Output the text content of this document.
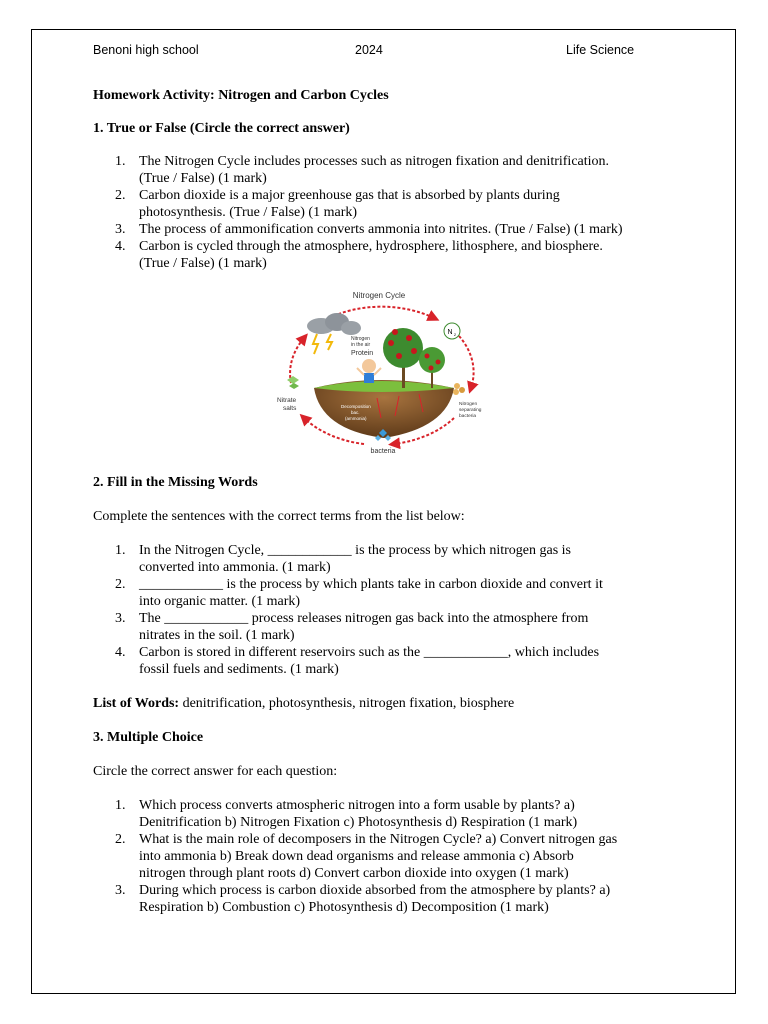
Benoni high school	2024	Life Science

Homework Activity: Nitrogen and Carbon Cycles

1. True or False (Circle the correct answer)

1. The Nitrogen Cycle includes processes such as nitrogen fixation and denitrification.
(True / False) (1 mark)
2. Carbon dioxide is a major greenhouse gas that is absorbed by plants during
photosynthesis. (True / False) (1 mark)
3. The process of ammonification converts ammonia into nitrites. (True / False) (1 mark)
4. Carbon is cycled through the atmosphere, hydrosphere, lithosphere, and biosphere.
(True / False) (1 mark)
Nitrogen Cycle
N 2
Nitrogen
in the air
Protein
Decomposition
bac.
(ammonia)
Nitrate
salts
Nitrogen
separating
bacteria
bacteria

2. Fill in the Missing Words

Complete the sentences with the correct terms from the list below:

1. In the Nitrogen Cycle, ____________ is the process by which nitrogen gas is
converted into ammonia. (1 mark)
2. ____________ is the process by which plants take in carbon dioxide and convert it
into organic matter. (1 mark)
3. The ____________ process releases nitrogen gas back into the atmosphere from
nitrates in the soil. (1 mark)
4. Carbon is stored in different reservoirs such as the ____________, which includes
fossil fuels and sediments. (1 mark)

List of Words: denitrification, photosynthesis, nitrogen fixation, biosphere

3. Multiple Choice

Circle the correct answer for each question:

1. Which process converts atmospheric nitrogen into a form usable by plants? a)
Denitrification b) Nitrogen Fixation c) Photosynthesis d) Respiration (1 mark)
2. What is the main role of decomposers in the Nitrogen Cycle? a) Convert nitrogen gas
into ammonia b) Break down dead organisms and release ammonia c) Absorb
nitrogen through plant roots d) Convert carbon dioxide into oxygen (1 mark)
3. During which process is carbon dioxide absorbed from the atmosphere by plants? a)
Respiration b) Combustion c) Photosynthesis d) Decomposition (1 mark)
